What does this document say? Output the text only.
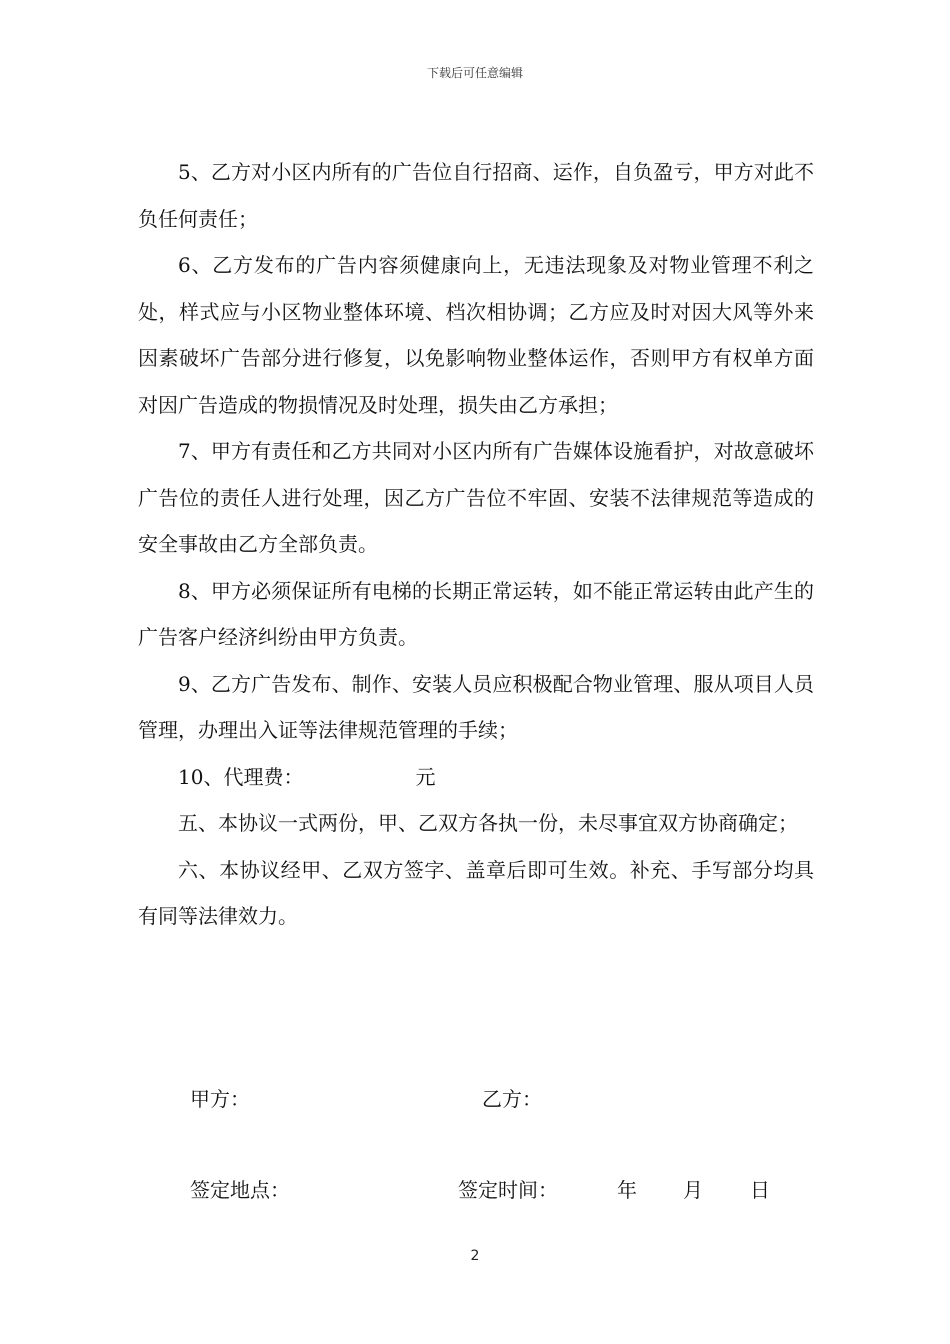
下载后可任意编辑

5、乙方对小区内所有的广告位自行招商、运作，自负盈亏，甲方对此不负任何责任；

6、乙方发布的广告内容须健康向上，无违法现象及对物业管理不利之处，样式应与小区物业整体环境、档次相协调；乙方应及时对因大风等外来因素破坏广告部分进行修复，以免影响物业整体运作，否则甲方有权单方面对因广告造成的物损情况及时处理，损失由乙方承担；

7、甲方有责任和乙方共同对小区内所有广告媒体设施看护，对故意破坏广告位的责任人进行处理，因乙方广告位不牢固、安装不法律规范等造成的安全事故由乙方全部负责。

8、甲方必须保证所有电梯的长期正常运转，如不能正常运转由此产生的广告客户经济纠纷由甲方负责。

9、乙方广告发布、制作、安装人员应积极配合物业管理、服从项目人员管理，办理出入证等法律规范管理的手续；

10、代理费：	元

五、本协议一式两份，甲、乙双方各执一份，未尽事宜双方协商确定；

六、本协议经甲、乙双方签字、盖章后即可生效。补充、手写部分均具有同等法律效力。

甲方：	乙方：
签定地点：	签定时间：	年 月 日
2
